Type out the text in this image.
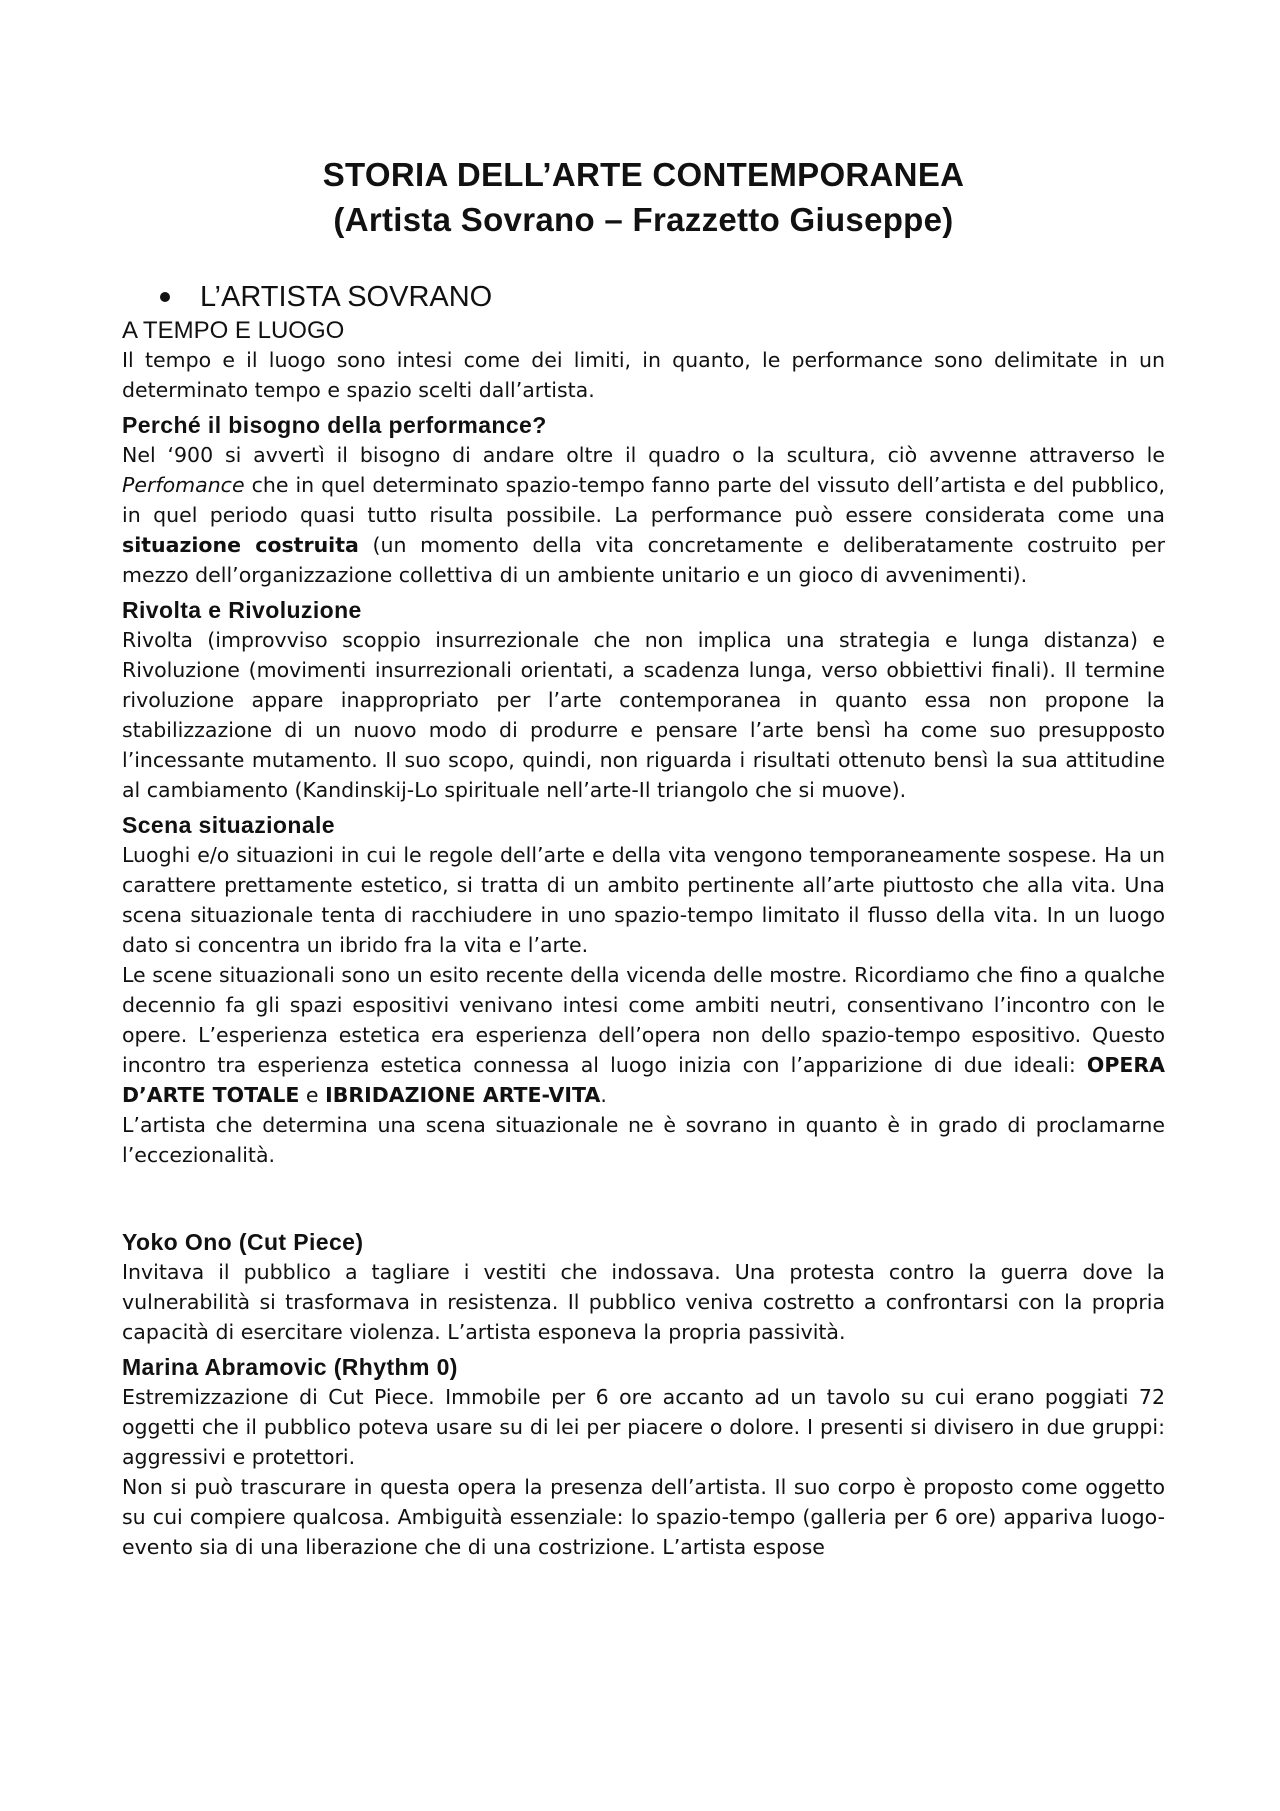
STORIA DELL’ARTE CONTEMPORANEA
(Artista Sovrano – Frazzetto Giuseppe)
L’ARTISTA SOVRANO
A TEMPO E LUOGO

Il tempo e il luogo sono intesi come dei limiti, in quanto, le performance sono delimitate in un determinato tempo e spazio scelti dall’artista.

Perché il bisogno della performance?

Nel ‘900 si avvertì il bisogno di andare oltre il quadro o la scultura, ciò avvenne attraverso le Perfomance che in quel determinato spazio-tempo fanno parte del vissuto dell’artista e del pubblico, in quel periodo quasi tutto risulta possibile. La performance può essere considerata come una situazione costruita (un momento della vita concretamente e deliberatamente costruito per mezzo dell’organizzazione collettiva di un ambiente unitario e un gioco di avvenimenti).

Rivolta e Rivoluzione

Rivolta (improvviso scoppio insurrezionale che non implica una strategia e lunga distanza) e Rivoluzione (movimenti insurrezionali orientati, a scadenza lunga, verso obbiettivi finali). Il termine rivoluzione appare inappropriato per l’arte contemporanea in quanto essa non propone la stabilizzazione di un nuovo modo di produrre e pensare l’arte bensì ha come suo presupposto l’incessante mutamento. Il suo scopo, quindi, non riguarda i risultati ottenuto bensì la sua attitudine al cambiamento (Kandinskij-Lo spirituale nell’arte-Il triangolo che si muove).

Scena situazionale

Luoghi e/o situazioni in cui le regole dell’arte e della vita vengono temporaneamente sospese. Ha un carattere prettamente estetico, si tratta di un ambito pertinente all’arte piuttosto che alla vita. Una scena situazionale tenta di racchiudere in uno spazio-tempo limitato il flusso della vita. In un luogo dato si concentra un ibrido fra la vita e l’arte.

Le scene situazionali sono un esito recente della vicenda delle mostre. Ricordiamo che fino a qualche decennio fa gli spazi espositivi venivano intesi come ambiti neutri, consentivano l’incontro con le opere. L’esperienza estetica era esperienza dell’opera non dello spazio-tempo espositivo. Questo incontro tra esperienza estetica connessa al luogo inizia con l’apparizione di due ideali: OPERA D’ARTE TOTALE e IBRIDAZIONE ARTE-VITA.

L’artista che determina una scena situazionale ne è sovrano in quanto è in grado di proclamarne l’eccezionalità.

Yoko Ono (Cut Piece)

Invitava il pubblico a tagliare i vestiti che indossava. Una protesta contro la guerra dove la vulnerabilità si trasformava in resistenza. Il pubblico veniva costretto a confrontarsi con la propria capacità di esercitare violenza. L’artista esponeva la propria passività.

Marina Abramovic (Rhythm 0)

Estremizzazione di Cut Piece. Immobile per 6 ore accanto ad un tavolo su cui erano poggiati 72 oggetti che il pubblico poteva usare su di lei per piacere o dolore. I presenti si divisero in due gruppi: aggressivi e protettori.

Non si può trascurare in questa opera la presenza dell’artista. Il suo corpo è proposto come oggetto su cui compiere qualcosa. Ambiguità essenziale: lo spazio-tempo (galleria per 6 ore) appariva luogo-evento sia di una liberazione che di una costrizione. L’artista espose
